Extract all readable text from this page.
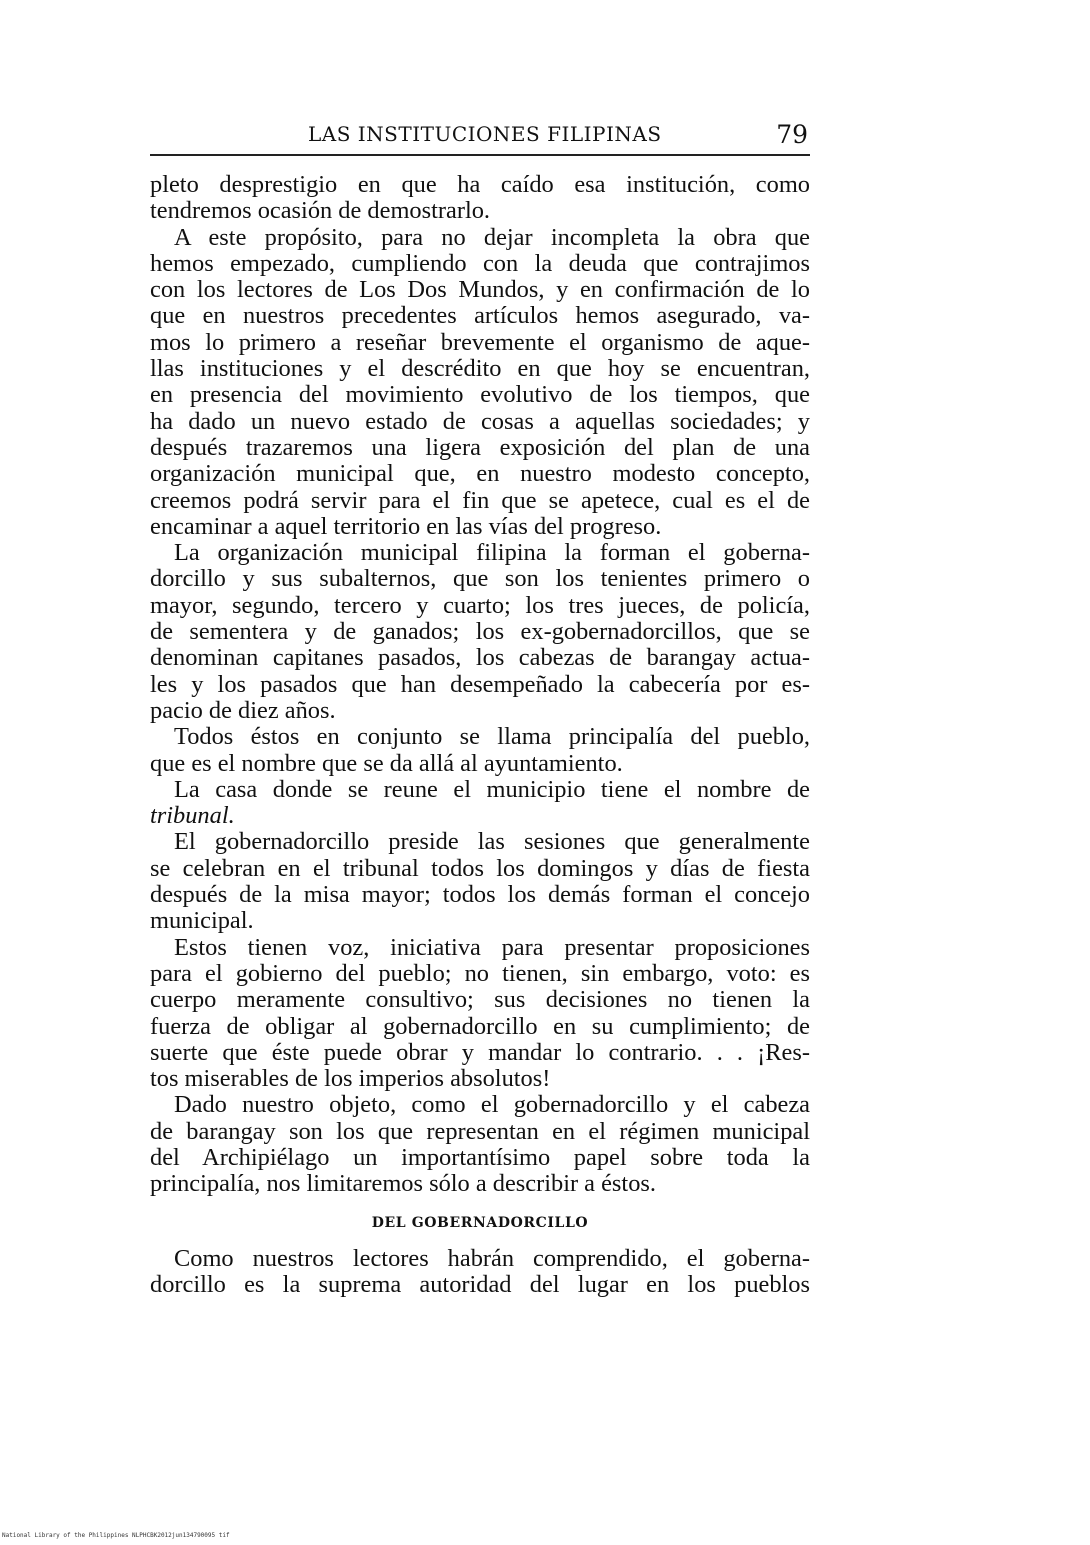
LAS INSTITUCIONES FILIPINAS	79
pleto desprestigio en que ha caído esa institución, como
tendremos ocasión de demostrarlo.
A este propósito, para no dejar incompleta la obra que
hemos empezado, cumpliendo con la deuda que contrajimos
con los lectores de Los Dos Mundos, y en confirmación de lo
que en nuestros precedentes artículos hemos asegurado, va-
mos lo primero a reseñar brevemente el organismo de aque-
llas instituciones y el descrédito en que hoy se encuentran,
en presencia del movimiento evolutivo de los tiempos, que
ha dado un nuevo estado de cosas a aquellas sociedades; y
después trazaremos una ligera exposición del plan de una
organización municipal que, en nuestro modesto concepto,
creemos podrá servir para el fin que se apetece, cual es el de
encaminar a aquel territorio en las vías del progreso.
La organización municipal filipina la forman el goberna-
dorcillo y sus subalternos, que son los tenientes primero o
mayor, segundo, tercero y cuarto; los tres jueces, de policía,
de sementera y de ganados; los ex-gobernadorcillos, que se
denominan capitanes pasados, los cabezas de barangay actua-
les y los pasados que han desempeñado la cabecería por es-
pacio de diez años.
Todos éstos en conjunto se llama principalía del pueblo,
que es el nombre que se da allá al ayuntamiento.
La casa donde se reune el municipio tiene el nombre de
tribunal.
El gobernadorcillo preside las sesiones que generalmente
se celebran en el tribunal todos los domingos y días de fiesta
después de la misa mayor; todos los demás forman el concejo
municipal.
Estos tienen voz, iniciativa para presentar proposiciones
para el gobierno del pueblo; no tienen, sin embargo, voto: es
cuerpo meramente consultivo; sus decisiones no tienen la
fuerza de obligar al gobernadorcillo en su cumplimiento; de
suerte que éste puede obrar y mandar lo contrario. . . ¡Res-
tos miserables de los imperios absolutos!
Dado nuestro objeto, como el gobernadorcillo y el cabeza
de barangay son los que representan en el régimen municipal
del Archipiélago un importantísimo papel sobre toda la
principalía, nos limitaremos sólo a describir a éstos.
DEL GOBERNADORCILLO
Como nuestros lectores habrán comprendido, el goberna-
dorcillo es la suprema autoridad del lugar en los pueblos
National Library of the Philippines NLPHCBK2012jun134790095 tif
